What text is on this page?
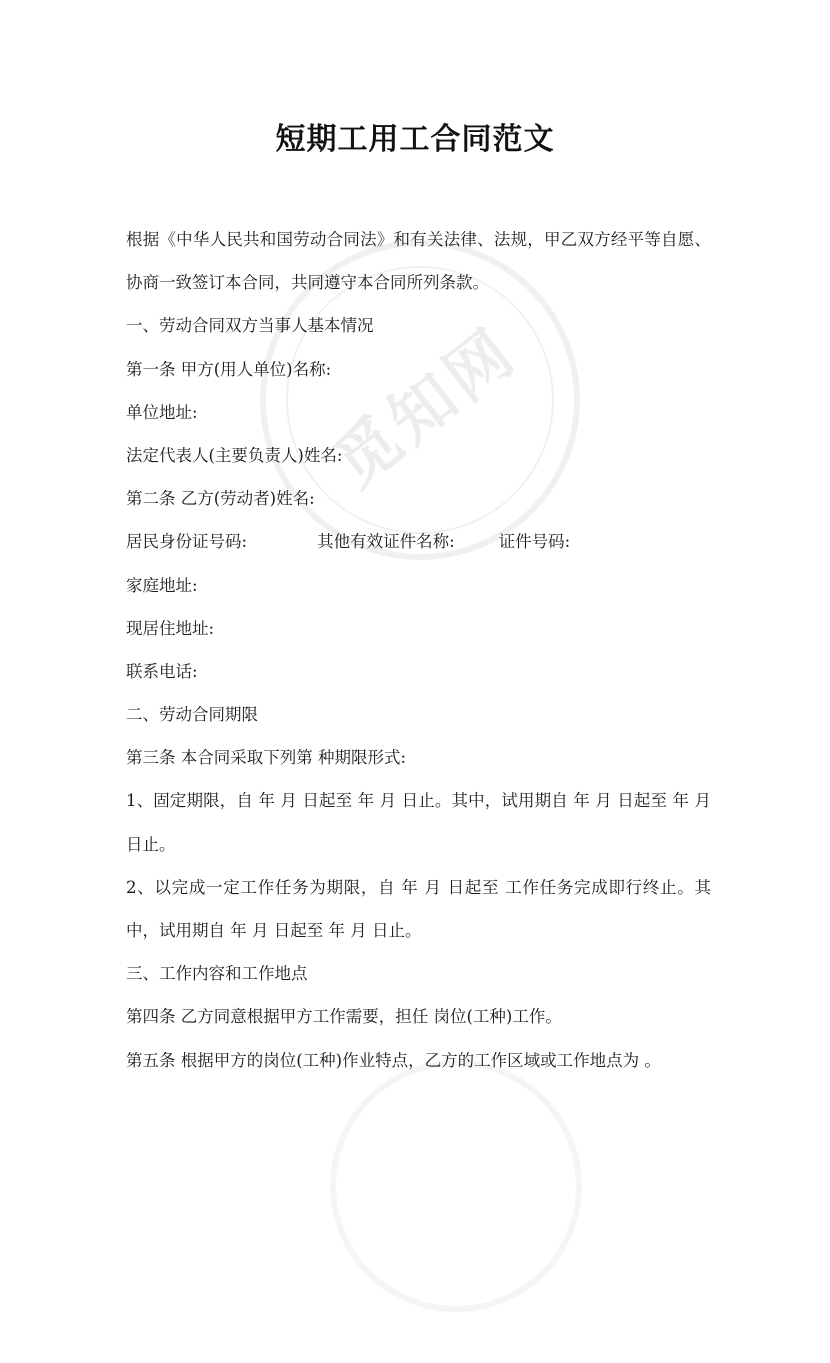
觅知网
短期工用工合同范文
根据《中华人民共和国劳动合同法》和有关法律、法规，甲乙双方经平等自愿、协商一致签订本合同，共同遵守本合同所列条款。
一、劳动合同双方当事人基本情况
第一条 甲方(用人单位)名称:
单位地址:
法定代表人(主要负责人)姓名:
第二条 乙方(劳动者)姓名:
居民身份证号码:	其他有效证件名称:	证件号码:
家庭地址:
现居住地址:
联系电话:
二、劳动合同期限
第三条 本合同采取下列第 种期限形式:
1、固定期限，自 年 月 日起至 年 月 日止。其中，试用期自 年 月 日起至 年 月 日止。
2、以完成一定工作任务为期限，自 年 月 日起至 工作任务完成即行终止。其中，试用期自 年 月 日起至 年 月 日止。
三、工作内容和工作地点
第四条 乙方同意根据甲方工作需要，担任 岗位(工种)工作。
第五条 根据甲方的岗位(工种)作业特点，乙方的工作区域或工作地点为 。
